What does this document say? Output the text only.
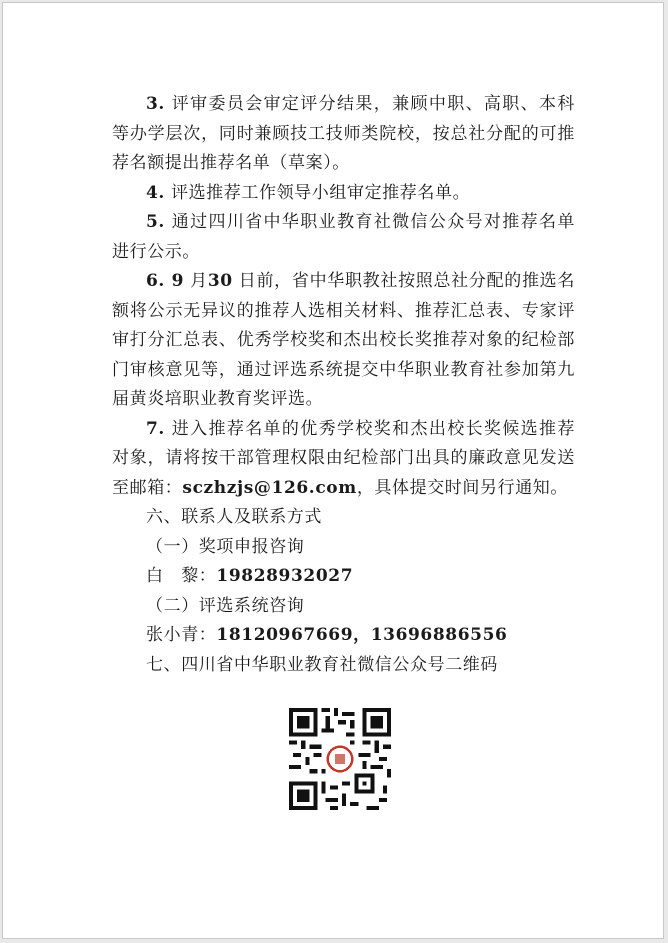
3. 评审委员会审定评分结果，兼顾中职、高职、本科等办学层次，同时兼顾技工技师类院校，按总社分配的可推荐名额提出推荐名单（草案）。

4. 评选推荐工作领导小组审定推荐名单。

5. 通过四川省中华职业教育社微信公众号对推荐名单进行公示。

6. 9 月30 日前，省中华职教社按照总社分配的推选名额将公示无异议的推荐人选相关材料、推荐汇总表、专家评审打分汇总表、优秀学校奖和杰出校长奖推荐对象的纪检部门审核意见等，通过评选系统提交中华职业教育社参加第九届黄炎培职业教育奖评选。

7. 进入推荐名单的优秀学校奖和杰出校长奖候选推荐对象，请将按干部管理权限由纪检部门出具的廉政意见发送至邮箱：sczhzjs@126.com，具体提交时间另行通知。

六、联系人及联系方式

（一）奖项申报咨询

白　黎：19828932027

（二）评选系统咨询

张小青：18120967669，13696886556

七、四川省中华职业教育社微信公众号二维码
